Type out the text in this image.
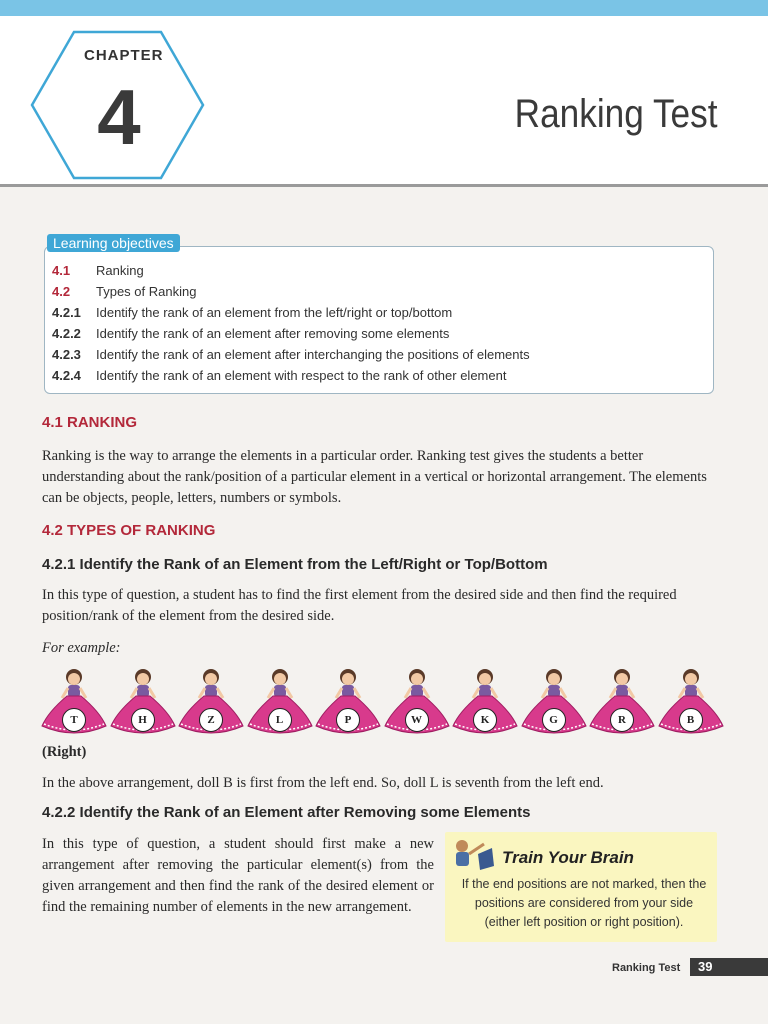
CHAPTER
4	Ranking Test
Learning objectives
4.1	Ranking
4.2	Types of Ranking
4.2.1	Identify the rank of an element from the left/right or top/bottom
4.2.2	Identify the rank of an element after removing some elements
4.2.3	Identify the rank of an element after interchanging the positions of elements
4.2.4	Identify the rank of an element with respect to the rank of other element
4.1 RANKING
Ranking is the way to arrange the elements in a particular order. Ranking test gives the students a better understanding about the rank/position of a particular element in a vertical or horizontal arrangement. The elements can be objects, people, letters, numbers or symbols.
4.2 TYPES OF RANKING
4.2.1 Identify the Rank of an Element from the Left/Right or Top/Bottom
In this type of question, a student has to find the first element from the desired side and then find the required position/rank of the element from the desired side.
For example:
T	H	Z	L	P	W	K	G	R	B
(Right)
In the above arrangement, doll B is first from the left end. So, doll L is seventh from the left end.
4.2.2 Identify the Rank of an Element after Removing some Elements
In this type of question, a student should first make a new arrangement after removing the particular element(s) from the given arrangement and then find the rank of the desired element or find the remaining number of elements in the new arrangement.
Train Your Brain
If the end positions are not marked, then the positions are considered from your side (either left position or right position).
Ranking Test	39
